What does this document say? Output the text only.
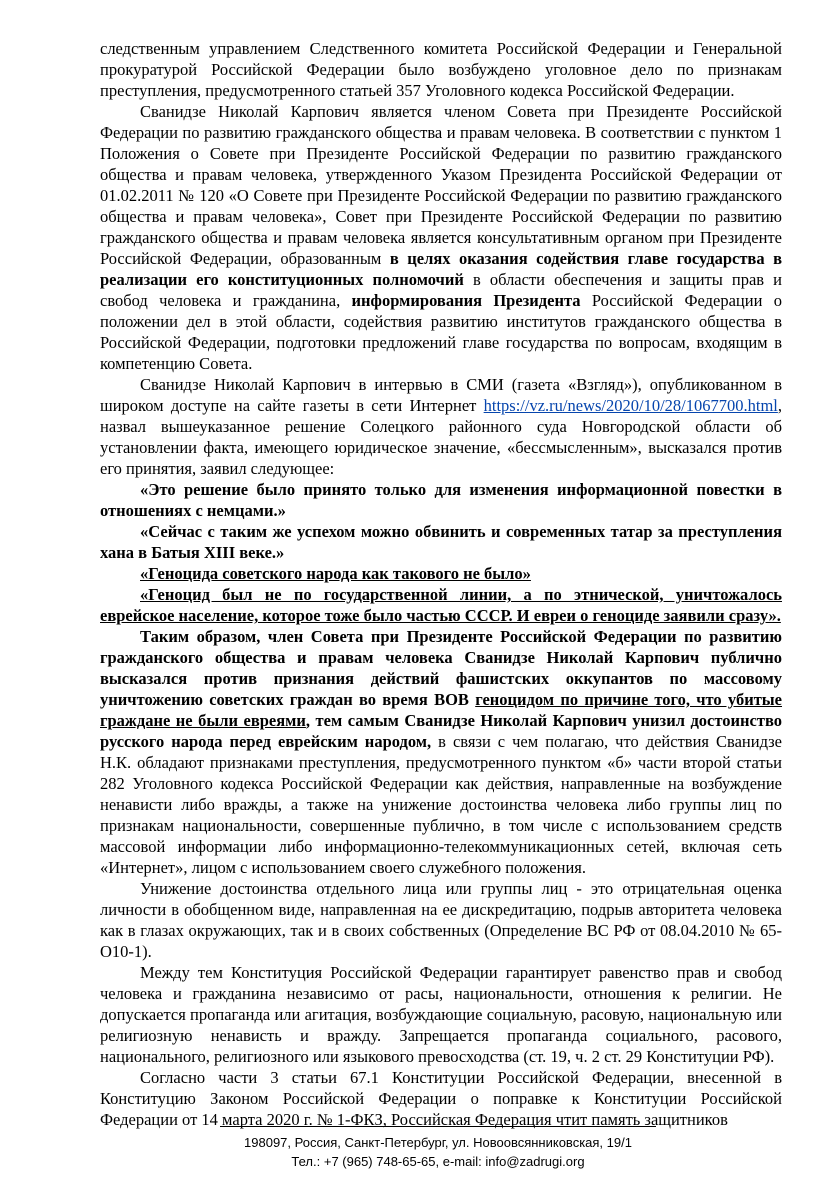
следственным управлением Следственного комитета Российской Федерации и Генеральной прокуратурой Российской Федерации было возбуждено уголовное дело по признакам преступления, предусмотренного статьей 357 Уголовного кодекса Российской Федерации.

Сванидзе Николай Карпович является членом Совета при Президенте Российской Федерации по развитию гражданского общества и правам человека. В соответствии с пунктом 1 Положения о Совете при Президенте Российской Федерации по развитию гражданского общества и правам человека, утвержденного Указом Президента Российской Федерации от 01.02.2011 № 120 «О Совете при Президенте Российской Федерации по развитию гражданского общества и правам человека», Совет при Президенте Российской Федерации по развитию гражданского общества и правам человека является консультативным органом при Президенте Российской Федерации, образованным в целях оказания содействия главе государства в реализации его конституционных полномочий в области обеспечения и защиты прав и свобод человека и гражданина, информирования Президента Российской Федерации о положении дел в этой области, содействия развитию институтов гражданского общества в Российской Федерации, подготовки предложений главе государства по вопросам, входящим в компетенцию Совета.

Сванидзе Николай Карпович в интервью в СМИ (газета «Взгляд»), опубликованном в широком доступе на сайте газеты в сети Интернет https://vz.ru/news/2020/10/28/1067700.html, назвал вышеуказанное решение Солецкого районного суда Новгородской области об установлении факта, имеющего юридическое значение, «бессмысленным», высказался против его принятия, заявил следующее:

«Это решение было принято только для изменения информационной повестки в отношениях с немцами.»

«Сейчас с таким же успехом можно обвинить и современных татар за преступления хана в Батыя XIII веке.»

«Геноцида советского народа как такового не было»

«Геноцид был не по государственной линии, а по этнической, уничтожалось еврейское население, которое тоже было частью СССР. И евреи о геноциде заявили сразу».

Таким образом, член Совета при Президенте Российской Федерации по развитию гражданского общества и правам человека Сванидзе Николай Карпович публично высказался против признания действий фашистских оккупантов по массовому уничтожению советских граждан во время ВОВ геноцидом по причине того, что убитые граждане не были евреями, тем самым Сванидзе Николай Карпович унизил достоинство русского народа перед еврейским народом, в связи с чем полагаю, что действия Сванидзе Н.К. обладают признаками преступления, предусмотренного пунктом «б» части второй статьи 282 Уголовного кодекса Российской Федерации как действия, направленные на возбуждение ненависти либо вражды, а также на унижение достоинства человека либо группы лиц по признакам национальности, совершенные публично, в том числе с использованием средств массовой информации либо информационно-телекоммуникационных сетей, включая сеть «Интернет», лицом с использованием своего служебного положения.

Унижение достоинства отдельного лица или группы лиц - это отрицательная оценка личности в обобщенном виде, направленная на ее дискредитацию, подрыв авторитета человека как в глазах окружающих, так и в своих собственных (Определение ВС РФ от 08.04.2010 № 65-О10-1).

Между тем Конституция Российской Федерации гарантирует равенство прав и свобод человека и гражданина независимо от расы, национальности, отношения к религии. Не допускается пропаганда или агитация, возбуждающие социальную, расовую, национальную или религиозную ненависть и вражду. Запрещается пропаганда социального, расового, национального, религиозного или языкового превосходства (ст. 19, ч. 2 ст. 29 Конституции РФ).

Согласно части 3 статьи 67.1 Конституции Российской Федерации, внесенной в Конституцию Законом Российской Федерации о поправке к Конституции Российской Федерации от 14 марта 2020 г. № 1-ФКЗ, Российская Федерация чтит память защитников

198097, Россия, Санкт-Петербург, ул. Новоовсянниковская, 19/1
Тел.: +7 (965) 748-65-65, e-mail: info@zadrugi.org
